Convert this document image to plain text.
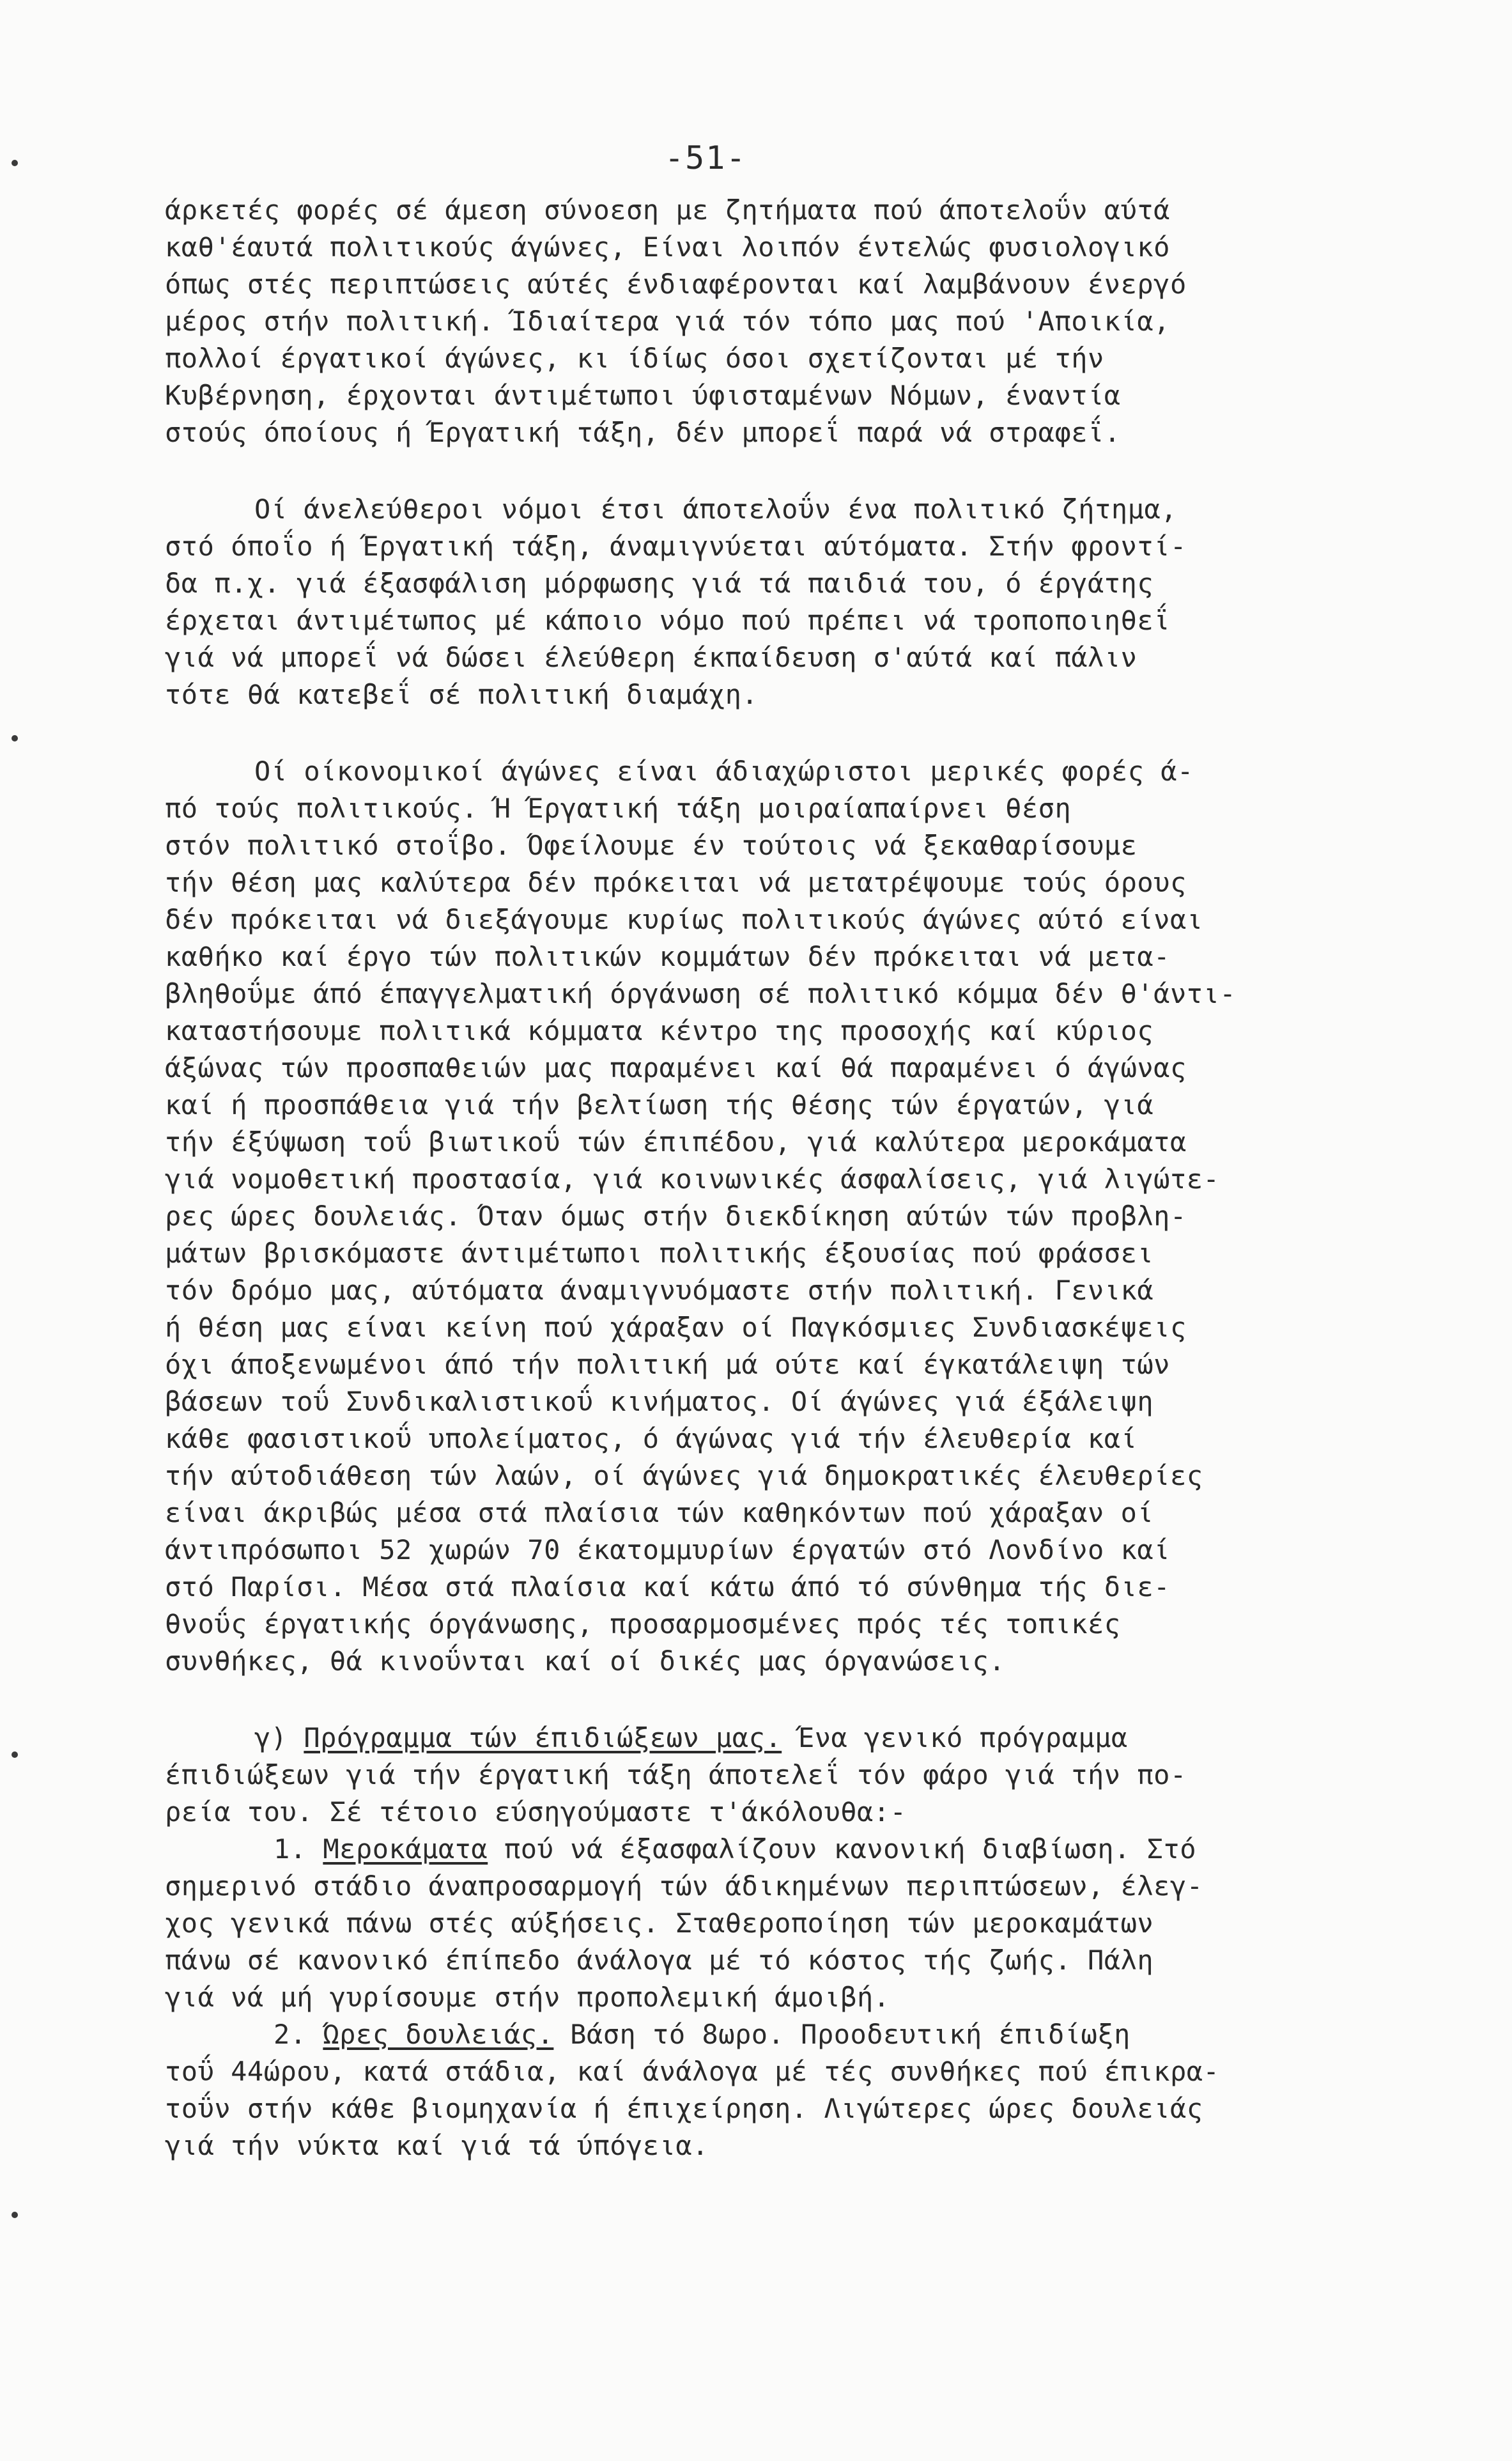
-51-
άρκετές φορές σέ άμεση σύνοεση με ζητήματα πού άποτελοΰν αύτά
καθ'έαυτά πολιτικούς άγώνες, Είναι λοιπόν έντελώς φυσιολογικό
όπως στές περιπτώσεις αύτές ένδιαφέρονται καί λαμβάνουν ένεργό
μέρος στήν πολιτική. Ίδιαίτερα γιά τόν τόπο μας πού 'Αποικία,
πολλοί έργατικοί άγώνες, κι ίδίως όσοι σχετίζονται μέ τήν
Κυβέρνηση, έρχονται άντιμέτωποι ύφισταμένων Νόμων, έναντία
στούς όποίους ή Έργατική τάξη, δέν μπορεΐ παρά νά στραφεΐ.
Οί άνελεύθεροι νόμοι έτσι άποτελοΰν ένα πολιτικό ζήτημα,
στό όποΐο ή Έργατική τάξη, άναμιγνύεται αύτόματα. Στήν φροντί-
δα π.χ. γιά έξασφάλιση μόρφωσης γιά τά παιδιά του, ό έργάτης
έρχεται άντιμέτωπος μέ κάποιο νόμο πού πρέπει νά τροποποιηθεΐ
γιά νά μπορεΐ νά δώσει έλεύθερη έκπαίδευση σ'αύτά καί πάλιν
τότε θά κατεβεΐ σέ πολιτική διαμάχη.
Οί οίκονομικοί άγώνες είναι άδιαχώριστοι μερικές φορές ά-
πό τούς πολιτικούς. Ή Έργατική τάξη μοιραίαπαίρνει θέση
στόν πολιτικό στοΐβο. Όφείλουμε έν τούτοις νά ξεκαθαρίσουμε
τήν θέση μας καλύτερα δέν πρόκειται νά μετατρέψουμε τούς όρους
δέν πρόκειται νά διεξάγουμε κυρίως πολιτικούς άγώνες αύτό είναι
καθήκο καί έργο τών πολιτικών κομμάτων δέν πρόκειται νά μετα-
βληθοΰμε άπό έπαγγελματική όργάνωση σέ πολιτικό κόμμα δέν θ'άντι-
καταστήσουμε πολιτικά κόμματα κέντρο της προσοχής καί κύριος
άξώνας τών προσπαθειών μας παραμένει καί θά παραμένει ό άγώνας
καί ή προσπάθεια γιά τήν βελτίωση τής θέσης τών έργατών, γιά
τήν έξύψωση τοΰ βιωτικοΰ τών έπιπέδου, γιά καλύτερα μεροκάματα
γιά νομοθετική προστασία, γιά κοινωνικές άσφαλίσεις, γιά λιγώτε-
ρες ώρες δουλειάς. Όταν όμως στήν διεκδίκηση αύτών τών προβλη-
μάτων βρισκόμαστε άντιμέτωποι πολιτικής έξουσίας πού φράσσει
τόν δρόμο μας, αύτόματα άναμιγνυόμαστε στήν πολιτική. Γενικά
ή θέση μας είναι κείνη πού χάραξαν οί Παγκόσμιες Συνδιασκέψεις
όχι άποξενωμένοι άπό τήν πολιτική μά ούτε καί έγκατάλειψη τών
βάσεων τοΰ Συνδικαλιστικοΰ κινήματος. Οί άγώνες γιά έξάλειψη
κάθε φασιστικοΰ υπολείματος, ό άγώνας γιά τήν έλευθερία καί
τήν αύτοδιάθεση τών λαών, οί άγώνες γιά δημοκρατικές έλευθερίες
είναι άκριβώς μέσα στά πλαίσια τών καθηκόντων πού χάραξαν οί
άντιπρόσωποι 52 χωρών 70 έκατομμυρίων έργατών στό Λονδίνο καί
στό Παρίσι. Μέσα στά πλαίσια καί κάτω άπό τό σύνθημα τής διε-
θνοΰς έργατικής όργάνωσης, προσαρμοσμένες πρός τές τοπικές
συνθήκες, θά κινοΰνται καί οί δικές μας όργανώσεις.
γ) Πρόγραμμα τών έπιδιώξεων μας. Ένα γενικό πρόγραμμα
έπιδιώξεων γιά τήν έργατική τάξη άποτελεΐ τόν φάρο γιά τήν πο-
ρεία του. Σέ τέτοιο εύσηγούμαστε τ'άκόλουθα:-
1. Μεροκάματα πού νά έξασφαλίζουν κανονική διαβίωση. Στό
σημερινό στάδιο άναπροσαρμογή τών άδικημένων περιπτώσεων, έλεγ-
χος γενικά πάνω στές αύξήσεις. Σταθεροποίηση τών μεροκαμάτων
πάνω σέ κανονικό έπίπεδο άνάλογα μέ τό κόστος τής ζωής. Πάλη
γιά νά μή γυρίσουμε στήν προπολεμική άμοιβή.
2. Ώρες δουλειάς. Βάση τό 8ωρο. Προοδευτική έπιδίωξη
τοΰ 44ώρου, κατά στάδια, καί άνάλογα μέ τές συνθήκες πού έπικρα-
τοΰν στήν κάθε βιομηχανία ή έπιχείρηση. Λιγώτερες ώρες δουλειάς
γιά τήν νύκτα καί γιά τά ύπόγεια.
